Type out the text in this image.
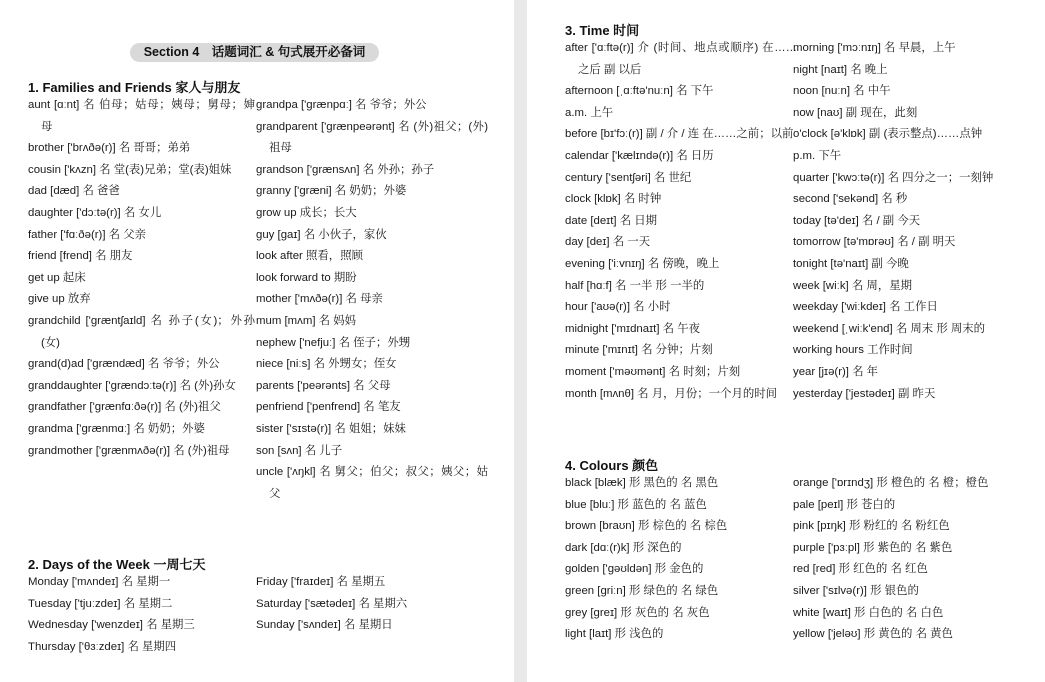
Section 4　话题词汇 & 句式展开必备词
1. Families and Friends 家人与朋友
aunt [ɑːnt] 名 伯母；姑母；姨母；舅母；婶母
brother ['brʌðə(r)] 名 哥哥；弟弟
cousin ['kʌzn] 名 堂(表)兄弟；堂(表)姐妹
dad [dæd] 名 爸爸
daughter ['dɔːtə(r)] 名 女儿
father ['fɑːðə(r)] 名 父亲
friend [frend] 名 朋友
get up 起床
give up 放弃
grandchild ['græntʃaɪld] 名 孙子(女)；外孙(女)
grand(d)ad ['grændæd] 名 爷爷；外公
granddaughter ['grændɔːtə(r)] 名 (外)孙女
grandfather ['grænfɑːðə(r)] 名 (外)祖父
grandma ['grænmɑː] 名 奶奶；外婆
grandmother ['grænmʌðə(r)] 名 (外)祖母
grandpa ['grænpɑː] 名 爷爷；外公
grandparent ['grænpeərənt] 名 (外)祖父；(外)祖母
grandson ['grænsʌn] 名 外孙；孙子
granny ['græni] 名 奶奶；外婆
grow up 成长；长大
guy [gaɪ] 名 小伙子，家伙
look after 照看，照顾
look forward to 期盼
mother ['mʌðə(r)] 名 母亲
mum [mʌm] 名 妈妈
nephew ['nefjuː] 名 侄子；外甥
niece [niːs] 名 外甥女；侄女
parents ['peərənts] 名 父母
penfriend ['penfrend] 名 笔友
sister ['sɪstə(r)] 名 姐姐；妹妹
son [sʌn] 名 儿子
uncle ['ʌŋkl] 名 舅父；伯父；叔父；姨父；姑父
2. Days of the Week 一周七天
Monday ['mʌndeɪ] 名 星期一
Tuesday ['tjuːzdeɪ] 名 星期二
Wednesday ['wenzdeɪ] 名 星期三
Thursday ['θɜːzdeɪ] 名 星期四
Friday ['fraɪdeɪ] 名 星期五
Saturday ['sætədeɪ] 名 星期六
Sunday ['sʌndeɪ] 名 星期日
3. Time 时间
after ['ɑːftə(r)] 介 (时间、地点或顺序) 在……之后 副 以后
afternoon [ˌɑːftə'nuːn] 名 下午
a.m. 上午
before [bɪ'fɔː(r)] 副 / 介 / 连 在……之前；以前
calendar ['kælɪndə(r)] 名 日历
century ['sentʃəri] 名 世纪
clock [klɒk] 名 时钟
date [deɪt] 名 日期
day [deɪ] 名 一天
evening ['iːvnɪŋ] 名 傍晚，晚上
half [hɑːf] 名 一半 形 一半的
hour ['aʊə(r)] 名 小时
midnight ['mɪdnaɪt] 名 午夜
minute ['mɪnɪt] 名 分钟；片刻
moment ['məʊmənt] 名 时刻；片刻
month [mʌnθ] 名 月，月份；一个月的时间
morning ['mɔːnɪŋ] 名 早晨，上午
night [naɪt] 名 晚上
noon [nuːn] 名 中午
now [naʊ] 副 现在，此刻
o'clock [ə'klɒk] 副 (表示整点)……点钟
p.m. 下午
quarter ['kwɔːtə(r)] 名 四分之一；一刻钟
second ['sekənd] 名 秒
today [tə'deɪ] 名 / 副 今天
tomorrow [tə'mɒrəʊ] 名 / 副 明天
tonight [tə'naɪt] 副 今晚
week [wiːk] 名 周，星期
weekday ['wiːkdeɪ] 名 工作日
weekend [ˌwiːk'end] 名 周末 形 周末的
working hours 工作时间
year [jɪə(r)] 名 年
yesterday ['jestədeɪ] 副 昨天
4. Colours 颜色
black [blæk] 形 黑色的 名 黑色
blue [bluː] 形 蓝色的 名 蓝色
brown [braʊn] 形 棕色的 名 棕色
dark [dɑː(r)k] 形 深色的
golden ['gəʊldən] 形 金色的
green [griːn] 形 绿色的 名 绿色
grey [greɪ] 形 灰色的 名 灰色
light [laɪt] 形 浅色的
orange ['ɒrɪndʒ] 形 橙色的 名 橙；橙色
pale [peɪl] 形 苍白的
pink [pɪŋk] 形 粉红的 名 粉红色
purple ['pɜːpl] 形 紫色的 名 紫色
red [red] 形 红色的 名 红色
silver ['sɪlvə(r)] 形 银色的
white [waɪt] 形 白色的 名 白色
yellow ['jeləʊ] 形 黄色的 名 黄色
